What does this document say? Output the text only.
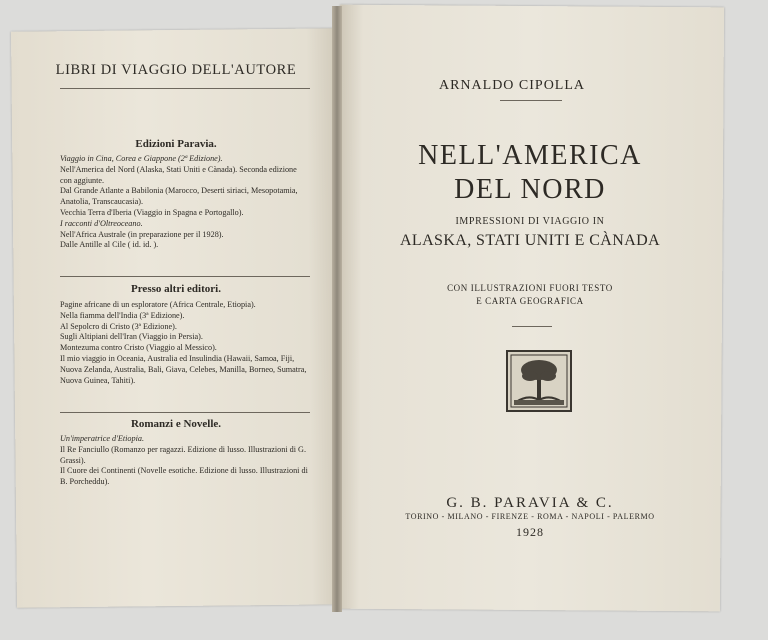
LIBRI DI VIAGGIO DELL'AUTORE
Edizioni Paravia.
Viaggio in Cina, Corea e Giappone (2ª Edizione).
Nell'America del Nord (Alaska, Stati Uniti e Cànada). Seconda edizione con aggiunte.
Dal Grande Atlante a Babilonia (Marocco, Deserti siriaci, Mesopotamia, Anatolia, Transcaucasia).
Vecchia Terra d'Iberia (Viaggio in Spagna e Portogallo).
I racconti d'Oltreoceano.
Nell'Africa Australe (in preparazione per il 1928).
Dalle Antille al Cile ( id. id. ).
Presso altri editori.
Pagine africane di un esploratore (Africa Centrale, Etiopia).
Nella fiamma dell'India (3ª Edizione).
Al Sepolcro di Cristo (3ª Edizione).
Sugli Altipiani dell'Iran (Viaggio in Persia).
Montezuma contro Cristo (Viaggio al Messico).
Il mio viaggio in Oceania, Australia ed Insulindia (Hawaii, Samoa, Fiji, Nuova Zelanda, Australia, Bali, Giava, Celebes, Manilla, Borneo, Sumatra, Nuova Guinea, Tahiti).
Romanzi e Novelle.
Un'imperatrice d'Etiopia.
Il Re Fanciullo (Romanzo per ragazzi. Edizione di lusso. Illustrazioni di G. Grassi).
Il Cuore dei Continenti (Novelle esotiche. Edizione di lusso. Illustrazioni di B. Porcheddu).
ARNALDO CIPOLLA
NELL'AMERICA
DEL NORD
IMPRESSIONI DI VIAGGIO IN
ALASKA, STATI UNITI E CÀNADA
CON ILLUSTRAZIONI FUORI TESTO
E CARTA GEOGRAFICA
G. B. PARAVIA & C.
TORINO - MILANO - FIRENZE - ROMA - NAPOLI - PALERMO
1928
